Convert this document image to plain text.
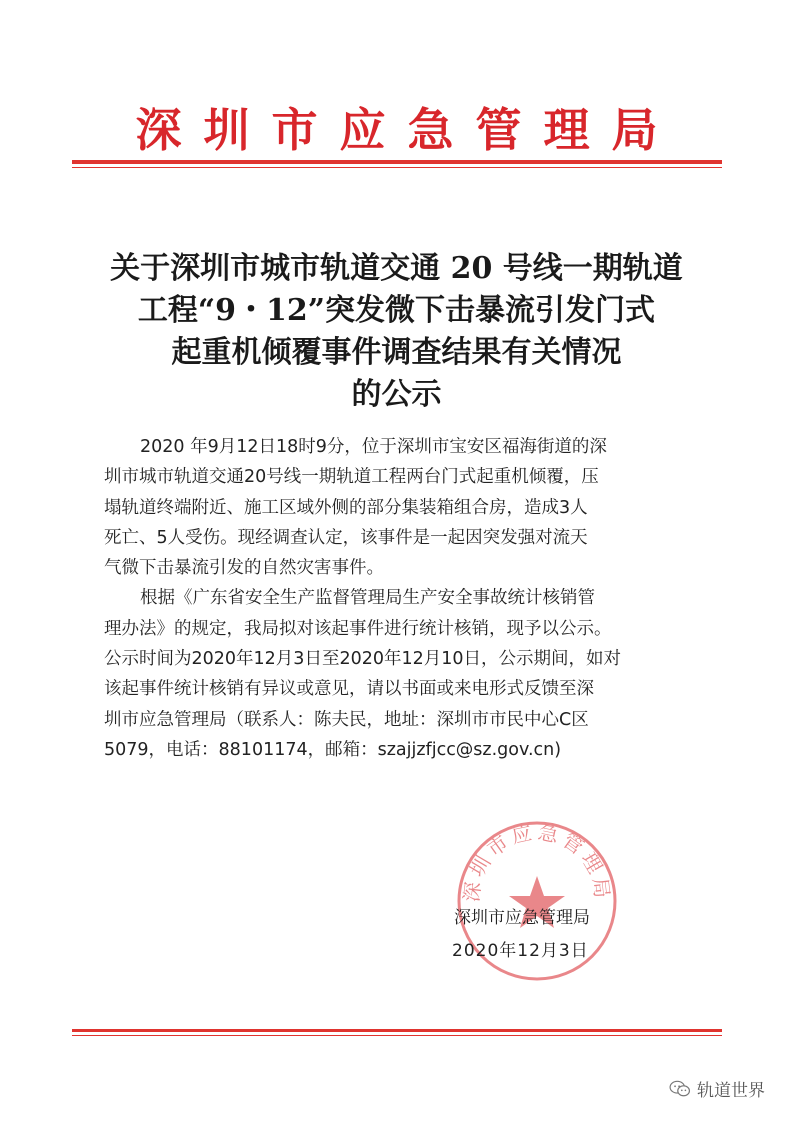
深圳市应急管理局
关于深圳市城市轨道交通 20 号线一期轨道
工程“9・12”突发微下击暴流引发门式
起重机倾覆事件调查结果有关情况
的公示
2020 年9月12日18时9分，位于深圳市宝安区福海街道的深
圳市城市轨道交通20号线一期轨道工程两台门式起重机倾覆，压
塌轨道终端附近、施工区域外侧的部分集装箱组合房，造成3人
死亡、5人受伤。现经调查认定，该事件是一起因突发强对流天
气微下击暴流引发的自然灾害事件。
根据《广东省安全生产监督管理局生产安全事故统计核销管
理办法》的规定，我局拟对该起事件进行统计核销，现予以公示。
公示时间为2020年12月3日至2020年12月10日，公示期间，如对
该起事件统计核销有异议或意见，请以书面或来电形式反馈至深
圳市应急管理局（联系人：陈夫民，地址：深圳市市民中心C区
5079，电话：88101174，邮箱：szajjzfjcc@sz.gov.cn)
深圳市应急管理局
深圳市应急管理局
2020年12月3日
轨道世界
